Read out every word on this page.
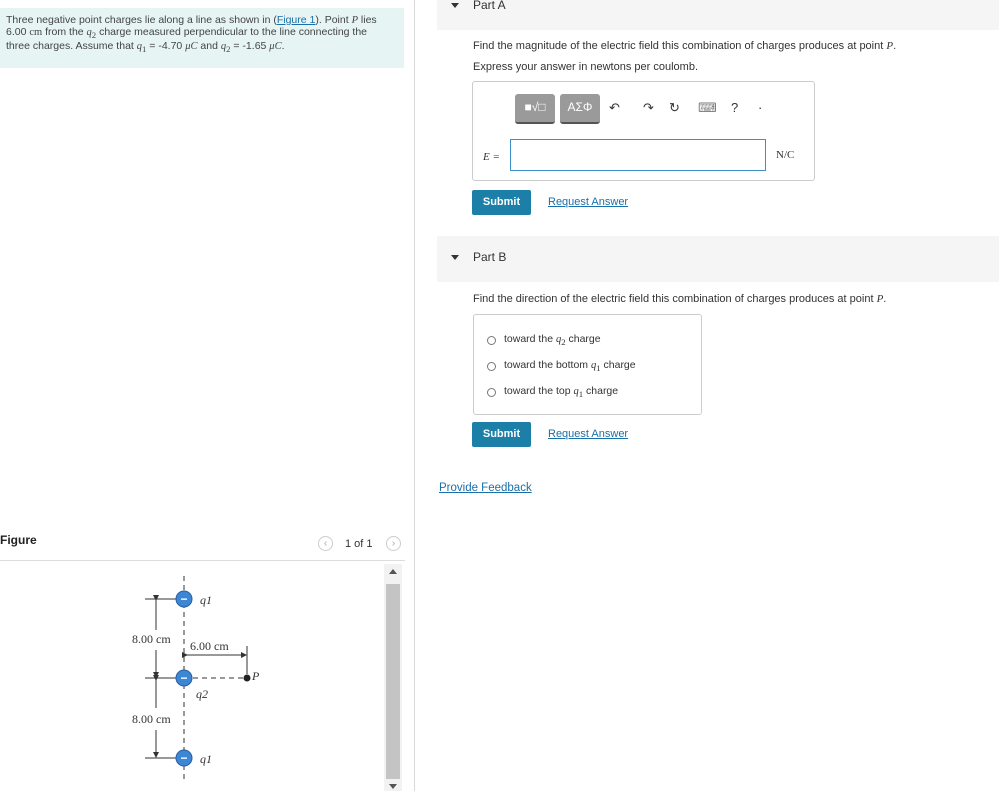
Three negative point charges lie along a line as shown in (Figure 1). Point P lies
6.00 cm from the $q_2$ charge measured perpendicular to the line connecting the
three charges. Assume that $q_1 = -4.70$ μC and $q_2 = -1.65$ μC.
Figure	‹	1 of 1	›
8.00 cm
8.00 cm
6.00 cm
P
− q1
−
q2
− q1
Part A
Find the magnitude of the electric field this combination of charges produces at point P.
Express your answer in newtons per coulomb.
■√□	ΑΣΦ	↶ ↷ ↻ ⌨ ? ·
E =	N/C
Submit	Request Answer
Part B
Find the direction of the electric field this combination of charges produces at point P.
toward the $q_2$ charge
toward the bottom $q_1$ charge
toward the top $q_1$ charge
Submit	Request Answer
Provide Feedback
